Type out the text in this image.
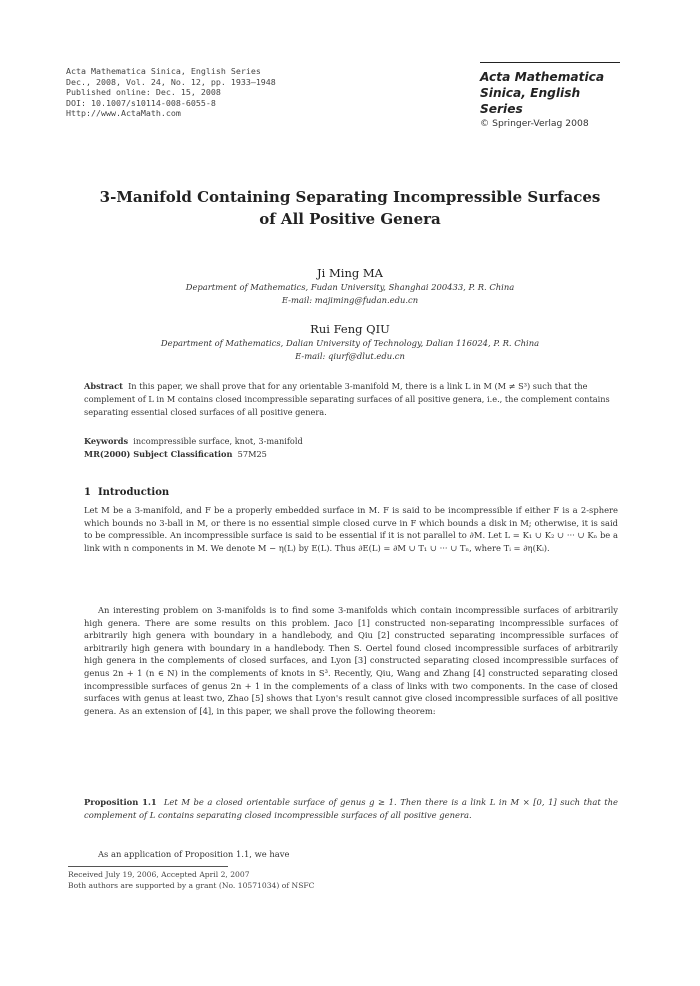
Acta Mathematica Sinica, English Series
Dec., 2008, Vol. 24, No. 12, pp. 1933–1948
Published online: Dec. 15, 2008
DOI: 10.1007/s10114-008-6055-8
Http://www.ActaMath.com
Acta Mathematica
Sinica, English Series
© Springer-Verlag 2008
3-Manifold Containing Separating Incompressible Surfaces
of All Positive Genera
Ji Ming MA
Department of Mathematics, Fudan University, Shanghai 200433, P. R. China
E-mail: majiming@fudan.edu.cn
Rui Feng QIU
Department of Mathematics, Dalian University of Technology, Dalian 116024, P. R. China
E-mail: qiurf@dlut.edu.cn
Abstract In this paper, we shall prove that for any orientable 3-manifold M, there is a link L in M (M ≠ S³) such that the complement of L in M contains closed incompressible separating surfaces of all positive genera, i.e., the complement contains separating essential closed surfaces of all positive genera.
Keywords incompressible surface, knot, 3-manifold
MR(2000) Subject Classification 57M25
1 Introduction
Let M be a 3-manifold, and F be a properly embedded surface in M. F is said to be incompressible if either F is a 2-sphere which bounds no 3-ball in M, or there is no essential simple closed curve in F which bounds a disk in M; otherwise, it is said to be compressible. An incompressible surface is said to be essential if it is not parallel to ∂M. Let L = K₁ ∪ K₂ ∪ ··· ∪ Kₙ be a link with n components in M. We denote M − η(L) by E(L). Thus ∂E(L) = ∂M ∪ T₁ ∪ ··· ∪ Tₙ, where Tᵢ = ∂η(Kᵢ).
An interesting problem on 3-manifolds is to find some 3-manifolds which contain incompressible surfaces of arbitrarily high genera. There are some results on this problem. Jaco [1] constructed non-separating incompressible surfaces of arbitrarily high genera with boundary in a handlebody, and Qiu [2] constructed separating incompressible surfaces of arbitrarily high genera with boundary in a handlebody. Then S. Oertel found closed incompressible surfaces of arbitrarily high genera in the complements of closed surfaces, and Lyon [3] constructed separating closed incompressible surfaces of genus 2n + 1 (n ∈ N) in the complements of knots in S³. Recently, Qiu, Wang and Zhang [4] constructed separating closed incompressible surfaces of genus 2n + 1 in the complements of a class of links with two components. In the case of closed surfaces with genus at least two, Zhao [5] shows that Lyon's result cannot give closed incompressible surfaces of all positive genera. As an extension of [4], in this paper, we shall prove the following theorem:
Proposition 1.1 Let M be a closed orientable surface of genus g ≥ 1. Then there is a link L in M × [0, 1] such that the complement of L contains separating closed incompressible surfaces of all positive genera.
As an application of Proposition 1.1, we have
Received July 19, 2006, Accepted April 2, 2007
Both authors are supported by a grant (No. 10571034) of NSFC
